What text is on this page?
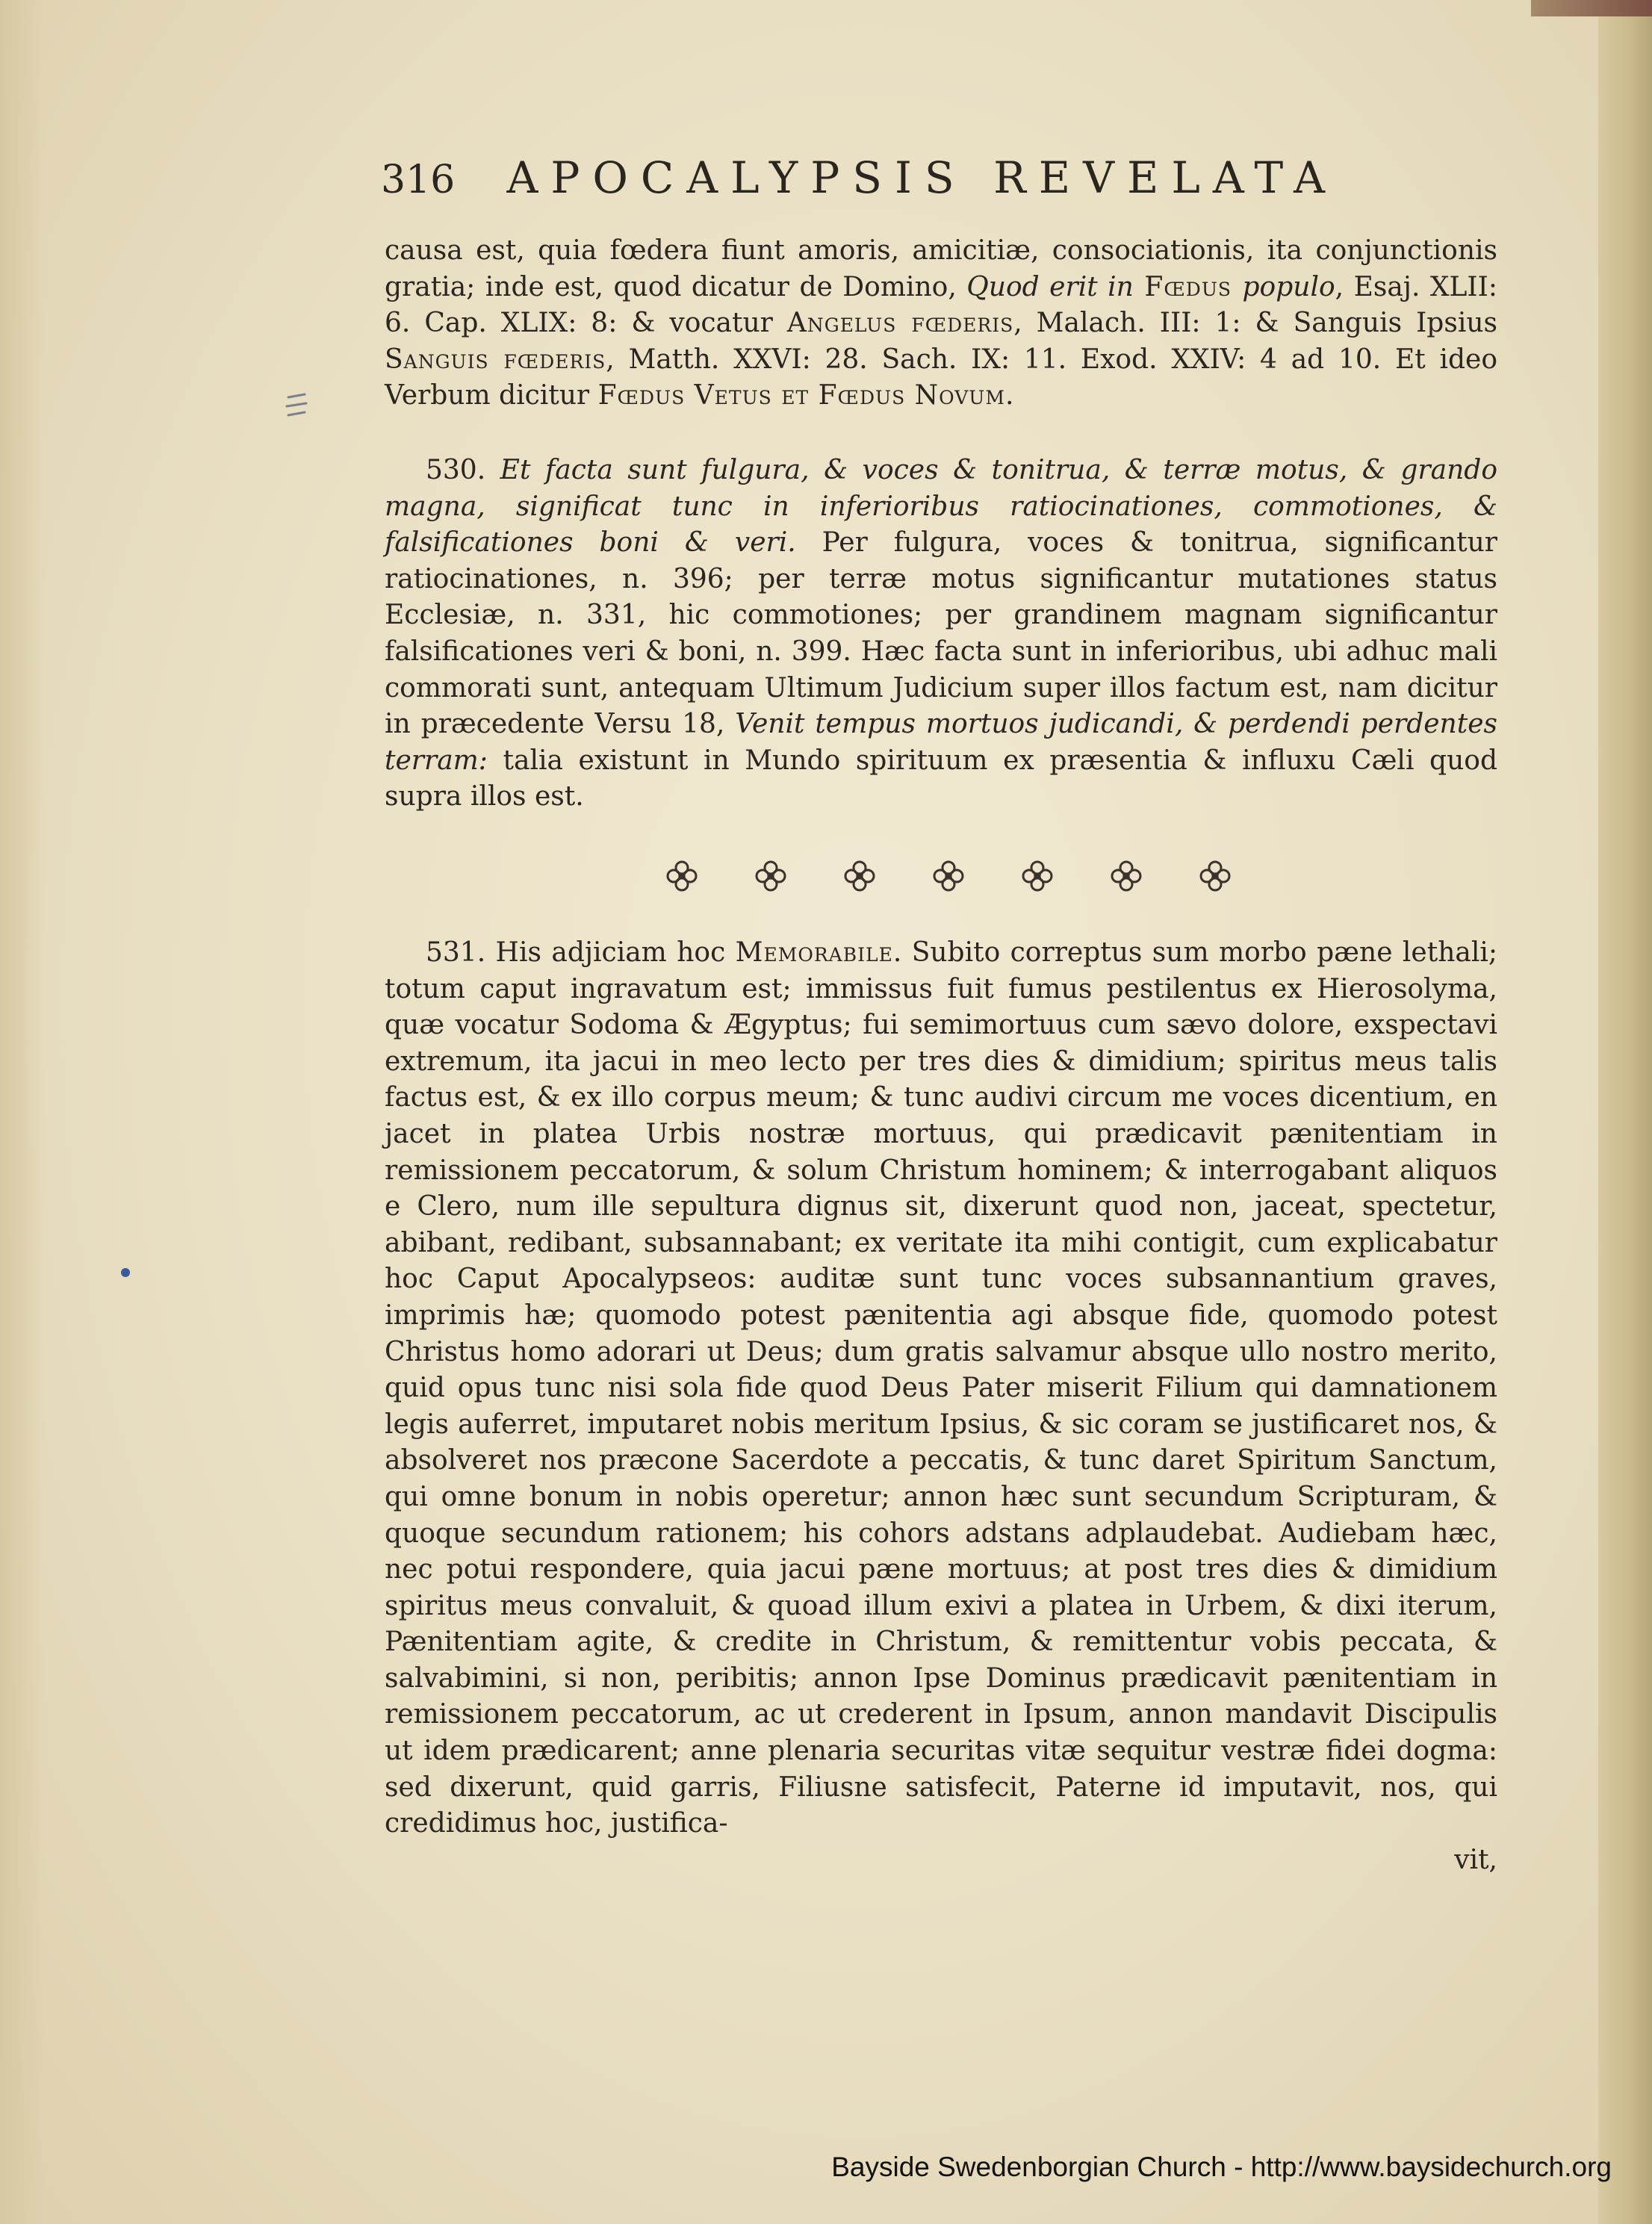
316 APOCALYPSIS REVELATA

causa est, quia fœdera fiunt amoris, amicitiæ, consociationis, ita conjunctionis gratia; inde est, quod dicatur de Domino, Quod erit in Fœdus populo, Esaj. XLII: 6. Cap. XLIX: 8: & vocatur Angelus fœderis, Malach. III: 1: & Sanguis Ipsius Sanguis fœderis, Matth. XXVI: 28. Sach. IX: 11. Exod. XXIV: 4 ad 10. Et ideo Verbum dicitur Fœdus Vetus et Fœdus Novum.

530. Et facta sunt fulgura, & voces & tonitrua, & terræ motus, & grando magna, significat tunc in inferioribus ratiocinationes, commotiones, & falsificationes boni & veri. Per fulgura, voces & tonitrua, significantur ratiocinationes, n. 396; per terræ motus significantur mutationes status Ecclesiæ, n. 331, hic commotiones; per grandinem magnam significantur falsificationes veri & boni, n. 399. Hæc facta sunt in inferioribus, ubi adhuc mali commorati sunt, antequam Ultimum Judicium super illos factum est, nam dicitur in præcedente Versu 18, Venit tempus mortuos judicandi, & perdendi perdentes terram: talia existunt in Mundo spirituum ex præsentia & influxu Cæli quod supra illos est.

531. His adjiciam hoc Memorabile. Subito correptus sum morbo pæne lethali; totum caput ingravatum est; immissus fuit fumus pestilentus ex Hierosolyma, quæ vocatur Sodoma & Ægyptus; fui semimortuus cum sævo dolore, exspectavi extremum, ita jacui in meo lecto per tres dies & dimidium; spiritus meus talis factus est, & ex illo corpus meum; & tunc audivi circum me voces dicentium, en jacet in platea Urbis nostræ mortuus, qui prædicavit pænitentiam in remissionem peccatorum, & solum Christum hominem; & interrogabant aliquos e Clero, num ille sepultura dignus sit, dixerunt quod non, jaceat, spectetur, abibant, redibant, subsannabant; ex veritate ita mihi contigit, cum explicabatur hoc Caput Apocalypseos: auditæ sunt tunc voces subsannantium graves, imprimis hæ; quomodo potest pænitentia agi absque fide, quomodo potest Christus homo adorari ut Deus; dum gratis salvamur absque ullo nostro merito, quid opus tunc nisi sola fide quod Deus Pater miserit Filium qui damnationem legis auferret, imputaret nobis meritum Ipsius, & sic coram se justificaret nos, & absolveret nos præcone Sacerdote a peccatis, & tunc daret Spiritum Sanctum, qui omne bonum in nobis operetur; annon hæc sunt secundum Scripturam, & quoque secundum rationem; his cohors adstans adplaudebat. Audiebam hæc, nec potui respondere, quia jacui pæne mortuus; at post tres dies & dimidium spiritus meus convaluit, & quoad illum exivi a platea in Urbem, & dixi iterum, Pænitentiam agite, & credite in Christum, & remittentur vobis peccata, & salvabimini, si non, peribitis; annon Ipse Dominus prædicavit pænitentiam in remissionem peccatorum, ac ut crederent in Ipsum, annon mandavit Discipulis ut idem prædicarent; anne plenaria securitas vitæ sequitur vestræ fidei dogma: sed dixerunt, quid garris, Filiusne satisfecit, Paterne id imputavit, nos, qui credidimus hoc, justifica-
vit,

Bayside Swedenborgian Church - http://www.baysidechurch.org
